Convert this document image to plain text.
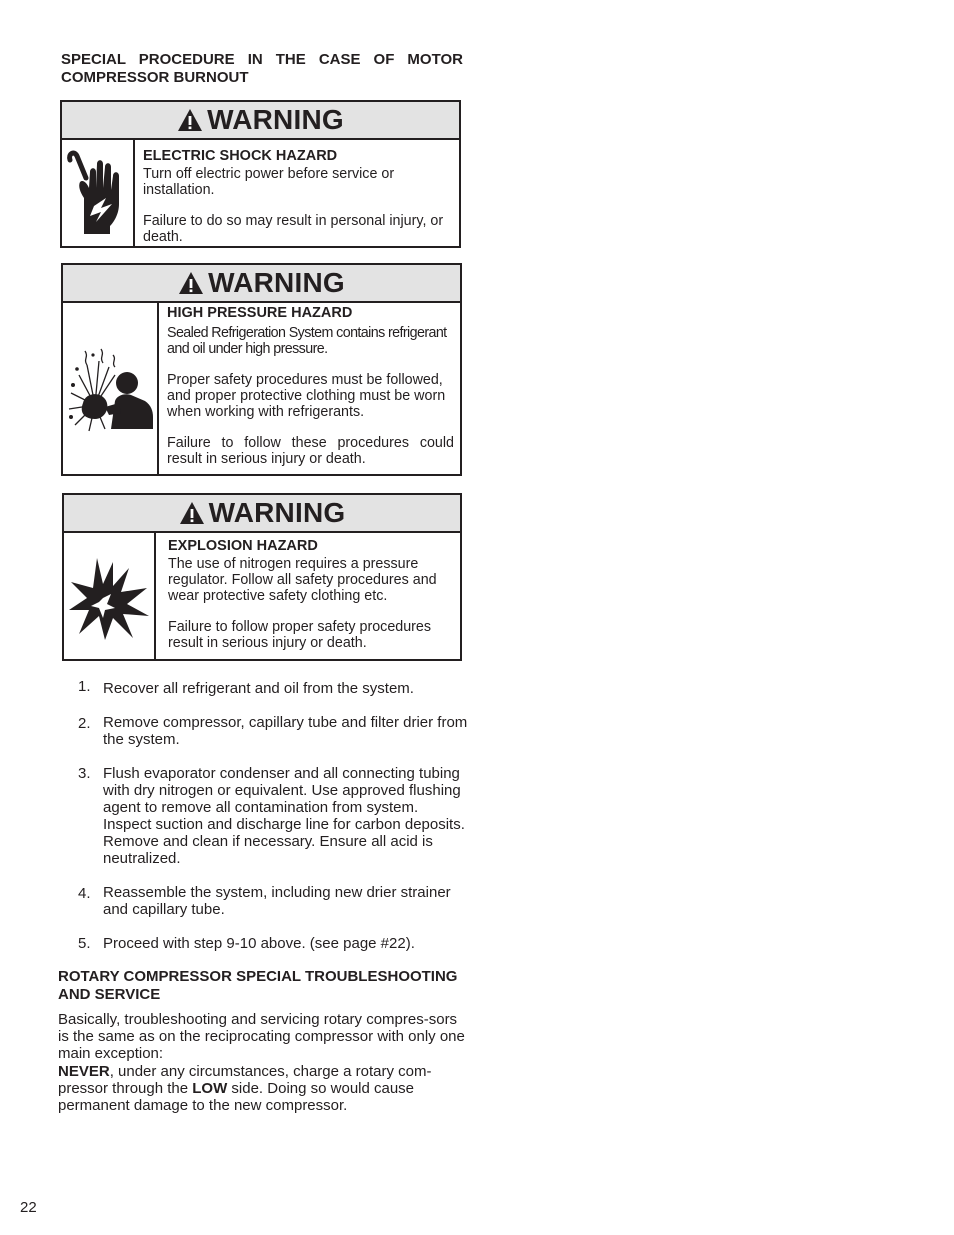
SPECIAL PROCEDURE IN THE CASE OF MOTOR COMPRESSOR BURNOUT
WARNING
ELECTRIC SHOCK HAZARD

Turn off electric power before service or installation.

Failure to do so may result in personal injury, or death.

WARNING
HIGH PRESSURE HAZARD

Sealed Refrigeration System contains refrigerant and oil under high pressure.

Proper safety procedures must be followed, and proper protective clothing must be worn when working with refrigerants.

Failure to follow these procedures could result in serious injury or death.

WARNING
EXPLOSION HAZARD

The use of nitrogen requires a pressure regulator. Follow all safety procedures and wear protective safety clothing etc.

Failure to follow proper safety procedures result in serious injury or death.

1. Recover all refrigerant and oil from the system.
2. Remove compressor, capillary tube and filter drier from the system.
3. Flush evaporator condenser and all connecting tubing with dry nitrogen or equivalent. Use approved flushing agent to remove all contamination from system. Inspect suction and discharge line for carbon deposits. Remove and clean if necessary. Ensure all acid is neutralized.
4. Reassemble the system, including new drier strainer and capillary tube.
5. Proceed with step 9-10 above. (see page #22).
ROTARY COMPRESSOR SPECIAL TROUBLESHOOTING AND SERVICE

Basically, troubleshooting and servicing rotary compres-sors is the same as on the reciprocating compressor with only one main exception:

NEVER, under any circumstances, charge a rotary com-pressor through the LOW side. Doing so would cause permanent damage to the new compressor.

22
